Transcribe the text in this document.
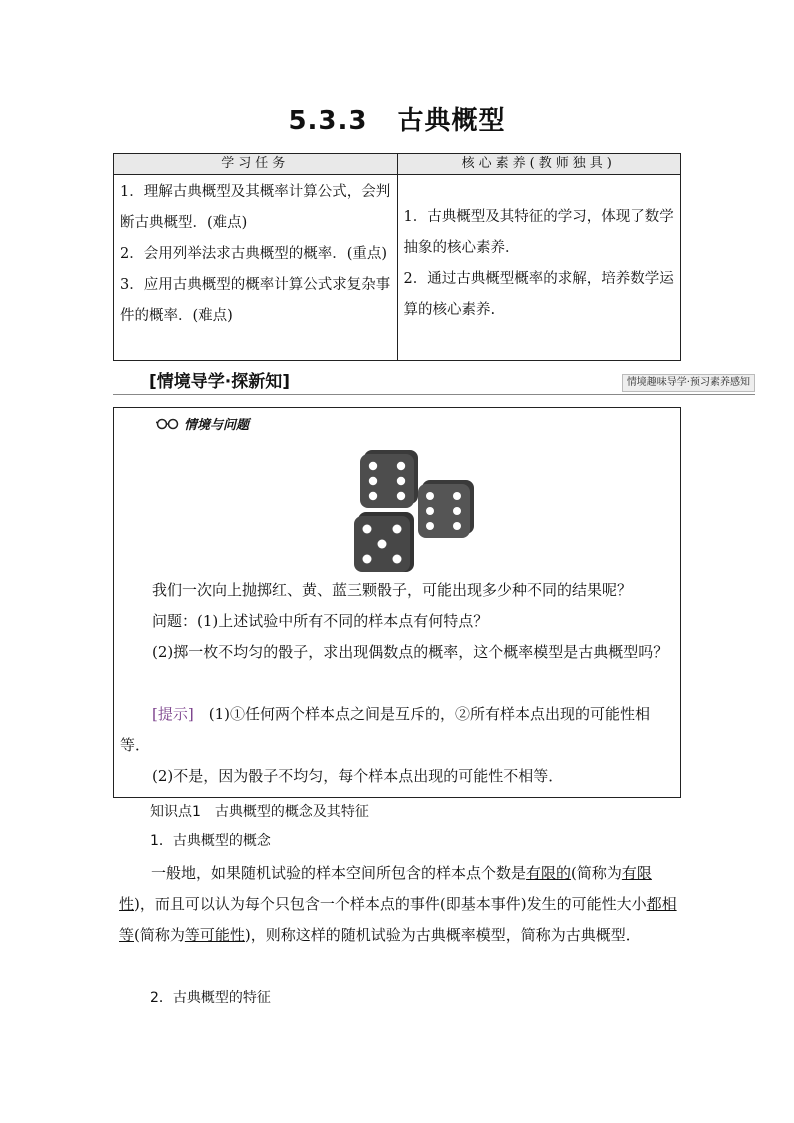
5.3.3 古典概型
学习任务	核心素养(教师独具)
1．理解古典概型及其概率计算公式，会判断古典概型．(难点)
2．会用列举法求古典概型的概率．(重点)
3．应用古典概型的概率计算公式求复杂事件的概率．(难点)
1．古典概型及其特征的学习，体现了数学抽象的核心素养．
2．通过古典概型概率的求解，培养数学运算的核心素养.
[情境导学·探新知]	情境趣味导学·预习素养感知
情境与问题
我们一次向上抛掷红、黄、蓝三颗骰子，可能出现多少种不同的结果呢？
问题：(1)上述试验中所有不同的样本点有何特点？
(2)掷一枚不均匀的骰子，求出现偶数点的概率，这个概率模型是古典概型吗？
[提示]　 (1)①任何两个样本点之间是互斥的，②所有样本点出现的可能性相等．
(2)不是，因为骰子不均匀，每个样本点出现的可能性不相等．
知识点1 古典概型的概念及其特征
1．古典概型的概念
一般地，如果随机试验的样本空间所包含的样本点个数是有限的(简称为有限性)，而且可以认为每个只包含一个样本点的事件(即基本事件)发生的可能性大小都相等(简称为等可能性)，则称这样的随机试验为古典概率模型，简称为古典概型．
2．古典概型的特征
